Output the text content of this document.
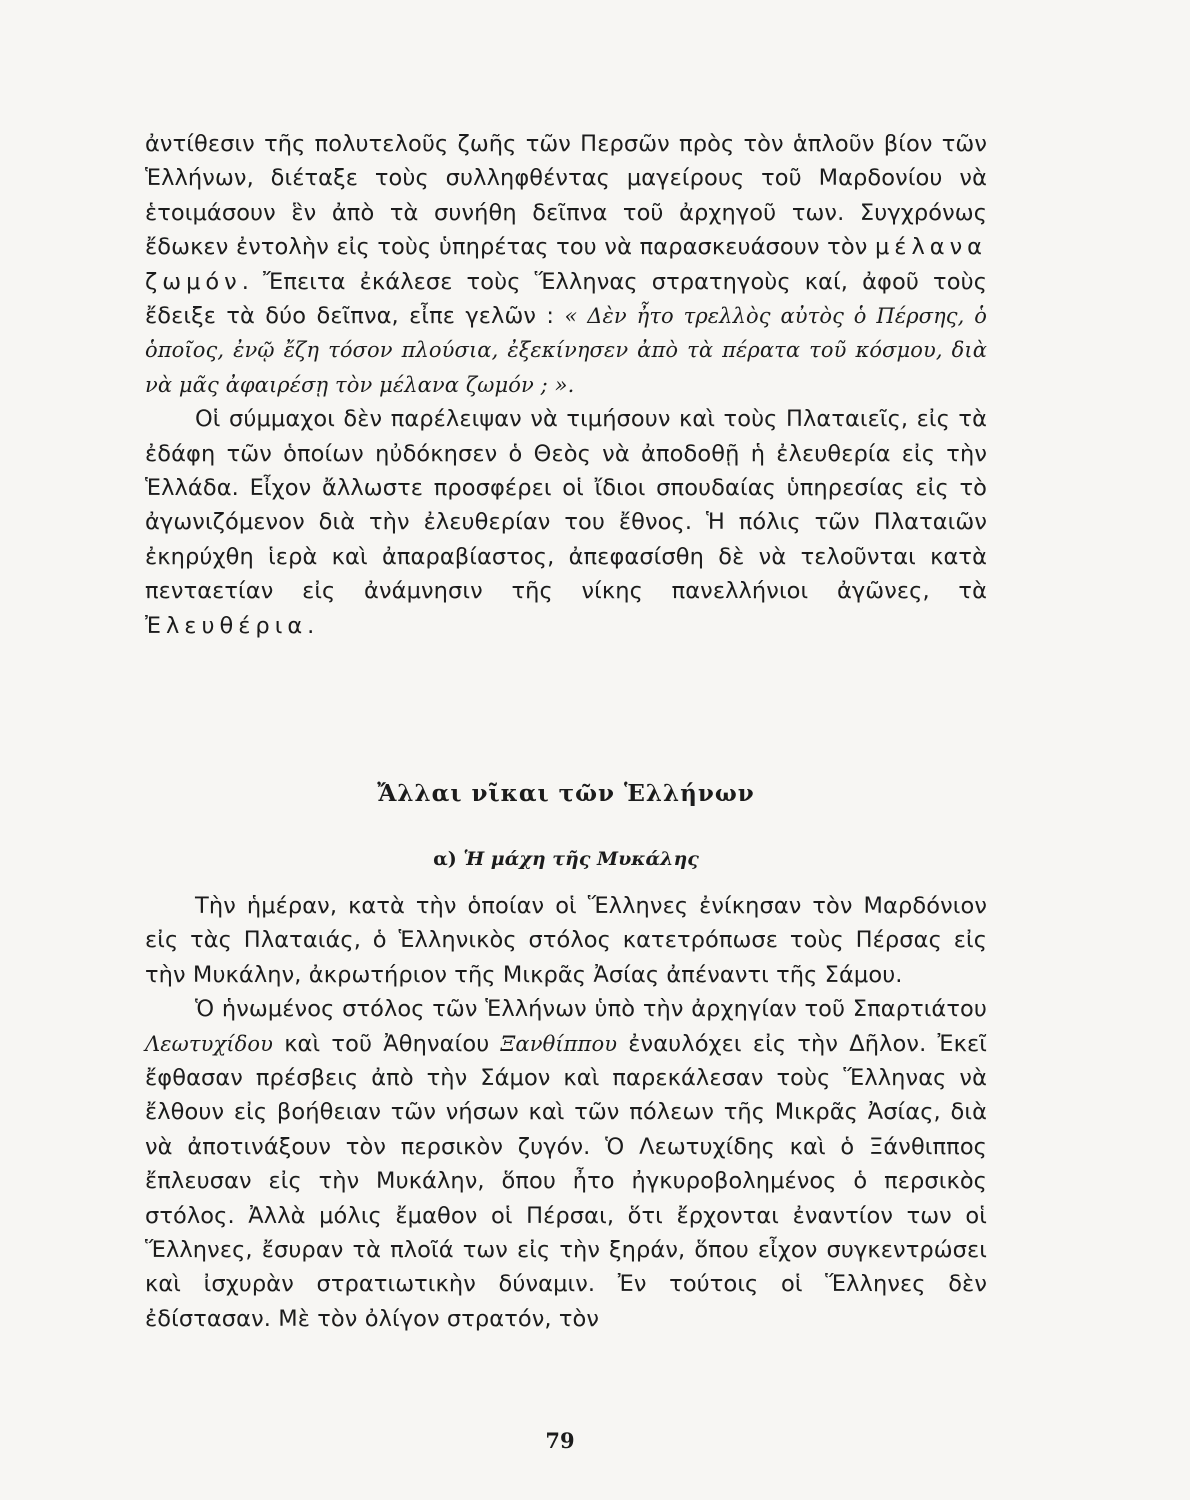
ἀντίθεσιν τῆς πολυτελοῦς ζωῆς τῶν Περσῶν πρὸς τὸν ἁπλοῦν βίον τῶν Ἑλλήνων, διέταξε τοὺς συλληφθέντας μαγείρους τοῦ Μαρδονίου νὰ ἑτοιμάσουν ἓν ἀπὸ τὰ συνήθη δεῖπνα τοῦ ἀρχηγοῦ των. Συγχρόνως ἔδωκεν ἐντολὴν εἰς τοὺς ὑπηρέτας του νὰ παρασκευάσουν τὸν μέλανα ζωμόν. Ἔπειτα ἐκάλεσε τοὺς Ἕλληνας στρατηγοὺς καί, ἀφοῦ τοὺς ἔδειξε τὰ δύο δεῖπνα, εἶπε γελῶν : « Δὲν ἦτο τρελλὸς αὐτὸς ὁ Πέρσης, ὁ ὁποῖος, ἐνῷ ἔζη τόσον πλούσια, ἐξεκίνησεν ἀπὸ τὰ πέρατα τοῦ κόσμου, διὰ νὰ μᾶς ἀφαιρέσῃ τὸν μέλανα ζωμόν ; ».

Οἱ σύμμαχοι δὲν παρέλειψαν νὰ τιμήσουν καὶ τοὺς Πλαταιεῖς, εἰς τὰ ἐδάφη τῶν ὁποίων ηὐδόκησεν ὁ Θεὸς νὰ ἀποδοθῇ ἡ ἐλευθερία εἰς τὴν Ἑλλάδα. Εἶχον ἄλλωστε προσφέρει οἱ ἴδιοι σπουδαίας ὑπηρεσίας εἰς τὸ ἀγωνιζόμενον διὰ τὴν ἐλευθερίαν του ἔθνος. Ἡ πόλις τῶν Πλαταιῶν ἐκηρύχθη ἱερὰ καὶ ἀπαραβίαστος, ἀπεφασίσθη δὲ νὰ τελοῦνται κατὰ πενταετίαν εἰς ἀνάμνησιν τῆς νίκης πανελλήνιοι ἀγῶνες, τὰ Ἐλευθέρια.

Ἄλλαι νῖκαι τῶν Ἑλλήνων
α) Ἡ μάχη τῆς Μυκάλης

Τὴν ἡμέραν, κατὰ τὴν ὁποίαν οἱ Ἕλληνες ἐνίκησαν τὸν Μαρδόνιον εἰς τὰς Πλαταιάς, ὁ Ἑλληνικὸς στόλος κατετρόπωσε τοὺς Πέρσας εἰς τὴν Μυκάλην, ἀκρωτήριον τῆς Μικρᾶς Ἀσίας ἀπέναντι τῆς Σάμου.

Ὁ ἡνωμένος στόλος τῶν Ἑλλήνων ὑπὸ τὴν ἀρχηγίαν τοῦ Σπαρτιάτου Λεωτυχίδου καὶ τοῦ Ἀθηναίου Ξανθίππου ἐναυλόχει εἰς τὴν Δῆλον. Ἐκεῖ ἔφθασαν πρέσβεις ἀπὸ τὴν Σάμον καὶ παρεκάλεσαν τοὺς Ἕλληνας νὰ ἔλθουν εἰς βοήθειαν τῶν νήσων καὶ τῶν πόλεων τῆς Μικρᾶς Ἀσίας, διὰ νὰ ἀποτινάξουν τὸν περσικὸν ζυγόν. Ὁ Λεωτυχίδης καὶ ὁ Ξάνθιππος ἔπλευσαν εἰς τὴν Μυκάλην, ὅπου ἦτο ἠγκυροβολημένος ὁ περσικὸς στόλος. Ἀλλὰ μόλις ἔμαθον οἱ Πέρσαι, ὅτι ἔρχονται ἐναντίον των οἱ Ἕλληνες, ἔσυραν τὰ πλοῖά των εἰς τὴν ξηράν, ὅπου εἶχον συγκεντρώσει καὶ ἰσχυρὰν στρατιωτικὴν δύναμιν. Ἐν τούτοις οἱ Ἕλληνες δὲν ἐδίστασαν. Μὲ τὸν ὀλίγον στρατόν, τὸν

79
